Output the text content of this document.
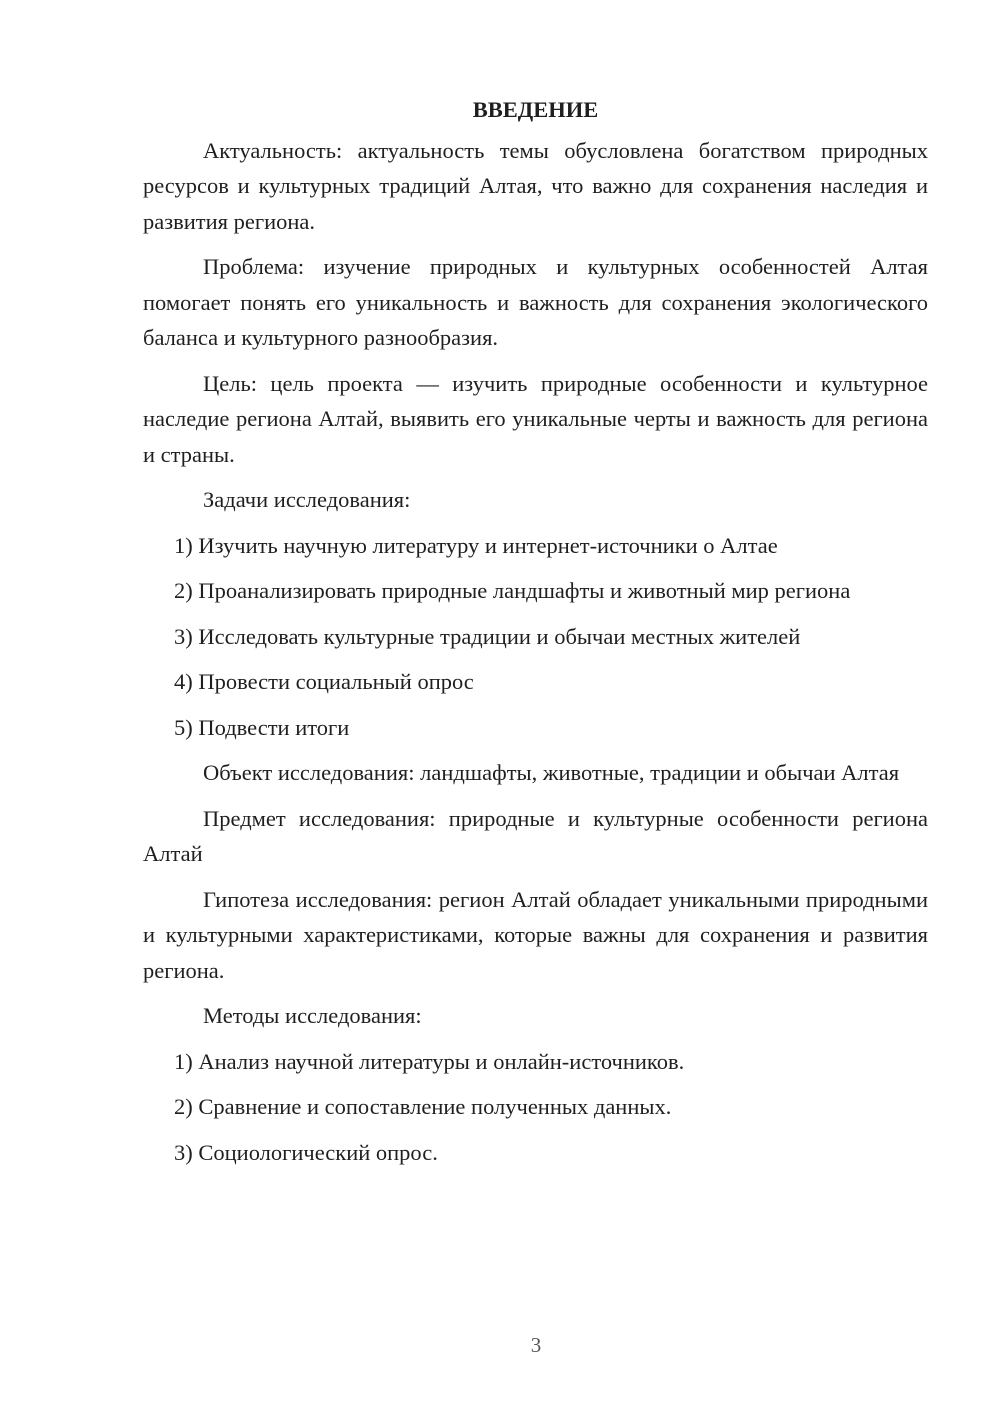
ВВЕДЕНИЕ

Актуальность: актуальность темы обусловлена богатством природных ресурсов и культурных традиций Алтая, что важно для сохранения наследия и развития региона.

Проблема: изучение природных и культурных особенностей Алтая помогает понять его уникальность и важность для сохранения экологического баланса и культурного разнообразия.

Цель: цель проекта — изучить природные особенности и культурное наследие региона Алтай, выявить его уникальные черты и важность для региона и страны.

Задачи исследования:

1) Изучить научную литературу и интернет-источники о Алтае

2) Проанализировать природные ландшафты и животный мир региона

3) Исследовать культурные традиции и обычаи местных жителей

4) Провести социальный опрос

5) Подвести итоги

Объект исследования: ландшафты, животные, традиции и обычаи Алтая

Предмет исследования: природные и культурные особенности региона Алтай

Гипотеза исследования: регион Алтай обладает уникальными природными и культурными характеристиками, которые важны для сохранения и развития региона.

Методы исследования:

1) Анализ научной литературы и онлайн-источников.

2) Сравнение и сопоставление полученных данных.

3) Социологический опрос.

3
